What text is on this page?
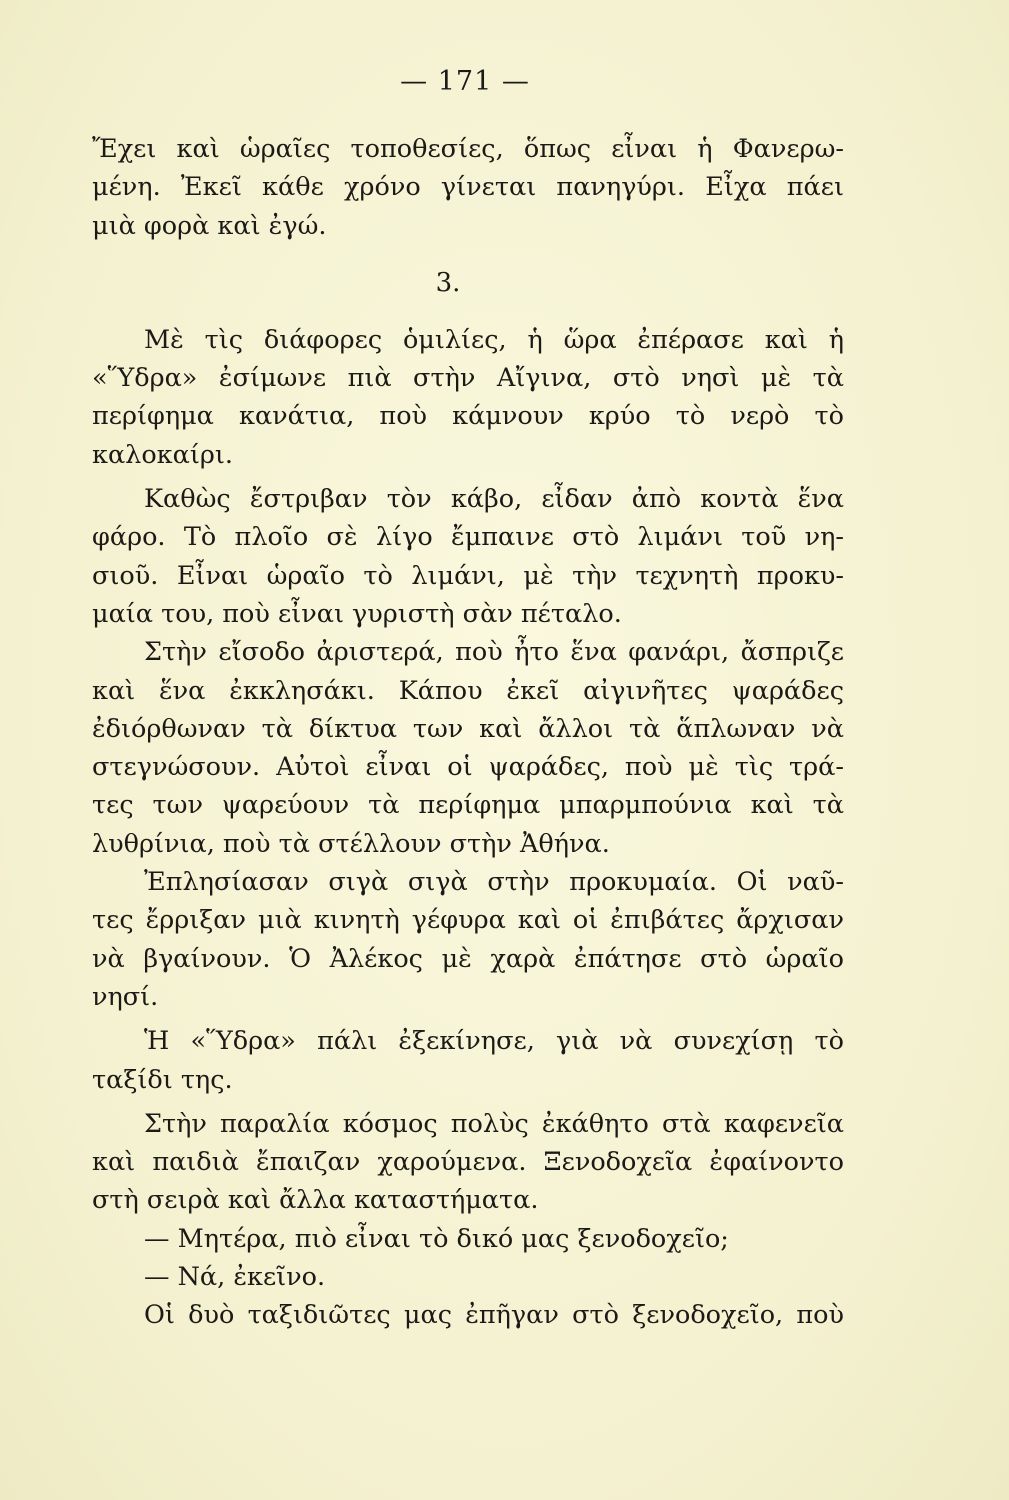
— 171 —
Ἔχει καὶ ὡραῖες τοποθεσίες, ὅπως εἶναι ἡ Φανερω-
μένη. Ἐκεῖ κάθε χρόνο γίνεται πανηγύρι. Εἶχα πάει
μιὰ φορὰ καὶ ἐγώ.
3.
Μὲ τὶς διάφορες ὁμιλίες, ἡ ὥρα ἐπέρασε καὶ ἡ
«Ὕδρα» ἐσίμωνε πιὰ στὴν Αἴγινα, στὸ νησὶ μὲ τὰ
περίφημα κανάτια, ποὺ κάμνουν κρύο τὸ νερὸ τὸ
καλοκαίρι.
Καθὼς ἔστριβαν τὸν κάβο, εἶδαν ἀπὸ κοντὰ ἕνα
φάρο. Τὸ πλοῖο σὲ λίγο ἔμπαινε στὸ λιμάνι τοῦ νη-
σιοῦ. Εἶναι ὡραῖο τὸ λιμάνι, μὲ τὴν τεχνητὴ προκυ-
μαία του, ποὺ εἶναι γυριστὴ σὰν πέταλο.
Στὴν εἴσοδο ἀριστερά, ποὺ ἦτο ἕνα φανάρι, ἄσπριζε
καὶ ἕνα ἐκκλησάκι. Κάπου ἐκεῖ αἰγινῆτες ψαράδες
ἐδιόρθωναν τὰ δίκτυα των καὶ ἄλλοι τὰ ἅπλωναν νὰ
στεγνώσουν. Αὐτοὶ εἶναι οἱ ψαράδες, ποὺ μὲ τὶς τρά-
τες των ψαρεύουν τὰ περίφημα μπαρμπούνια καὶ τὰ
λυθρίνια, ποὺ τὰ στέλλουν στὴν Ἀθήνα.
Ἐπλησίασαν σιγὰ σιγὰ στὴν προκυμαία. Οἱ ναῦ-
τες ἔρριξαν μιὰ κινητὴ γέφυρα καὶ οἱ ἐπιβάτες ἄρχισαν
νὰ βγαίνουν. Ὁ Ἀλέκος μὲ χαρὰ ἐπάτησε στὸ ὡραῖο
νησί.
Ἡ «Ὕδρα» πάλι ἐξεκίνησε, γιὰ νὰ συνεχίσῃ τὸ
ταξίδι της.
Στὴν παραλία κόσμος πολὺς ἐκάθητο στὰ καφενεῖα
καὶ παιδιὰ ἔπαιζαν χαρούμενα. Ξενοδοχεῖα ἐφαίνοντο
στὴ σειρὰ καὶ ἄλλα καταστήματα.
— Μητέρα, πιὸ εἶναι τὸ δικό μας ξενοδοχεῖο;
— Νά, ἐκεῖνο.
Οἱ δυὸ ταξιδιῶτες μας ἐπῆγαν στὸ ξενοδοχεῖο, ποὺ
